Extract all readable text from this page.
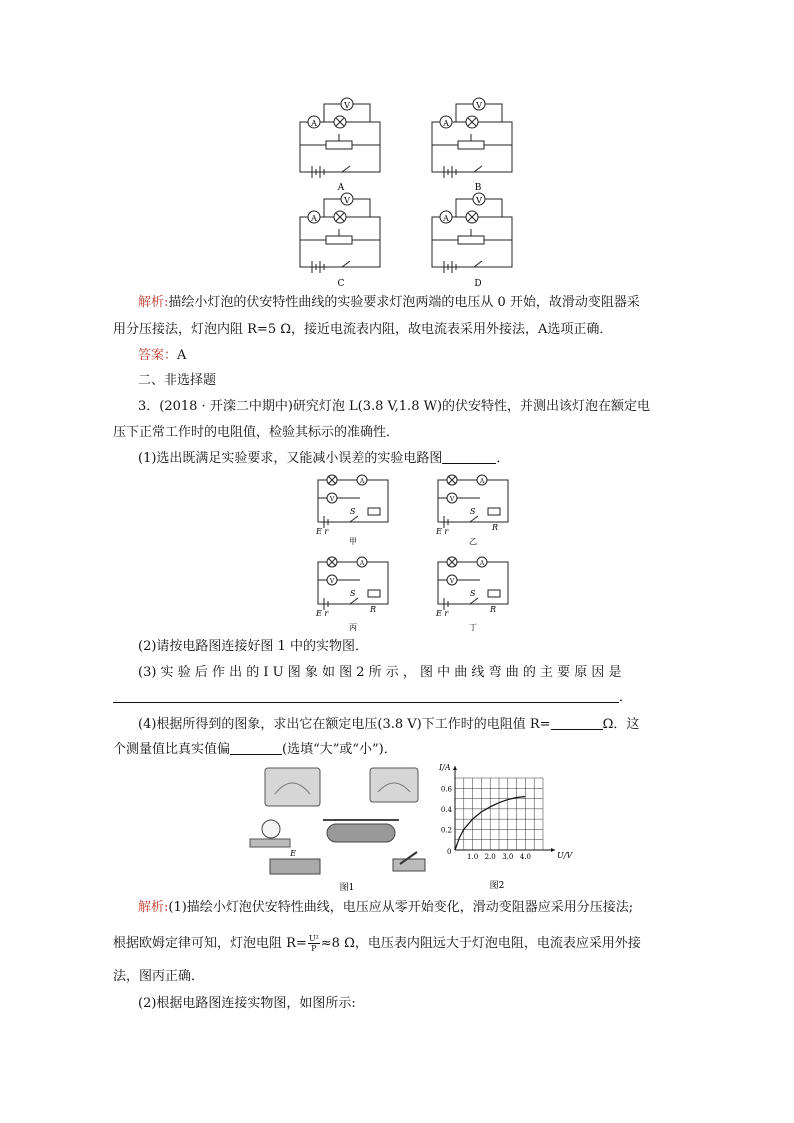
A
V
A
V
A
V
A
V
A	B
C	D
解析:描绘小灯泡的伏安特性曲线的实验要求灯泡两端的电压从 0 开始，故滑动变阻器采
用分压接法，灯泡内阻 R=5 Ω，接近电流表内阻，故电流表采用外接法，A选项正确．
答案：A
二、非选择题
3．(2018 · 开滦二中期中)研究灯泡 L(3.8 V,1.8 W)的伏安特性，并测出该灯泡在额定电
压下正常工作时的电阻值，检验其标示的准确性．
(1)选出既满足实验要求，又能减小误差的实验电路图	．
A
V
A
V
A
V
A
V
E r	E r
E r	E r
S	S
S	S
R
R	R
甲	乙
丙	丁
(2)请按电路图连接好图 1 中的实物图．
(3) 实 验 后 作 出 的 I U 图 象 如 图 2 所 示 ， 图 中 曲 线 弯 曲 的 主 要 原 因 是
．
(4)根据所得到的图象，求出它在额定电压(3.8 V)下工作时的电阻值 R=	Ω．这
个测量值比真实值偏	(选填“大”或“小”)．
E
图1
1.0 2.0 3.0 4.0
0.2
0.4
0.6
I/A
U/V
0
图2
解析:(1)描绘小灯泡伏安特性曲线，电压应从零开始变化，滑动变阻器应采用分压接法;
根据欧姆定律可知，灯泡电阻 $R= \frac{\text{U²}}{P} \approx 8$ Ω，电压表内阻远大于灯泡电阻，电流表应采用外接
法，图丙正确．
(2)根据电路图连接实物图，如图所示:
